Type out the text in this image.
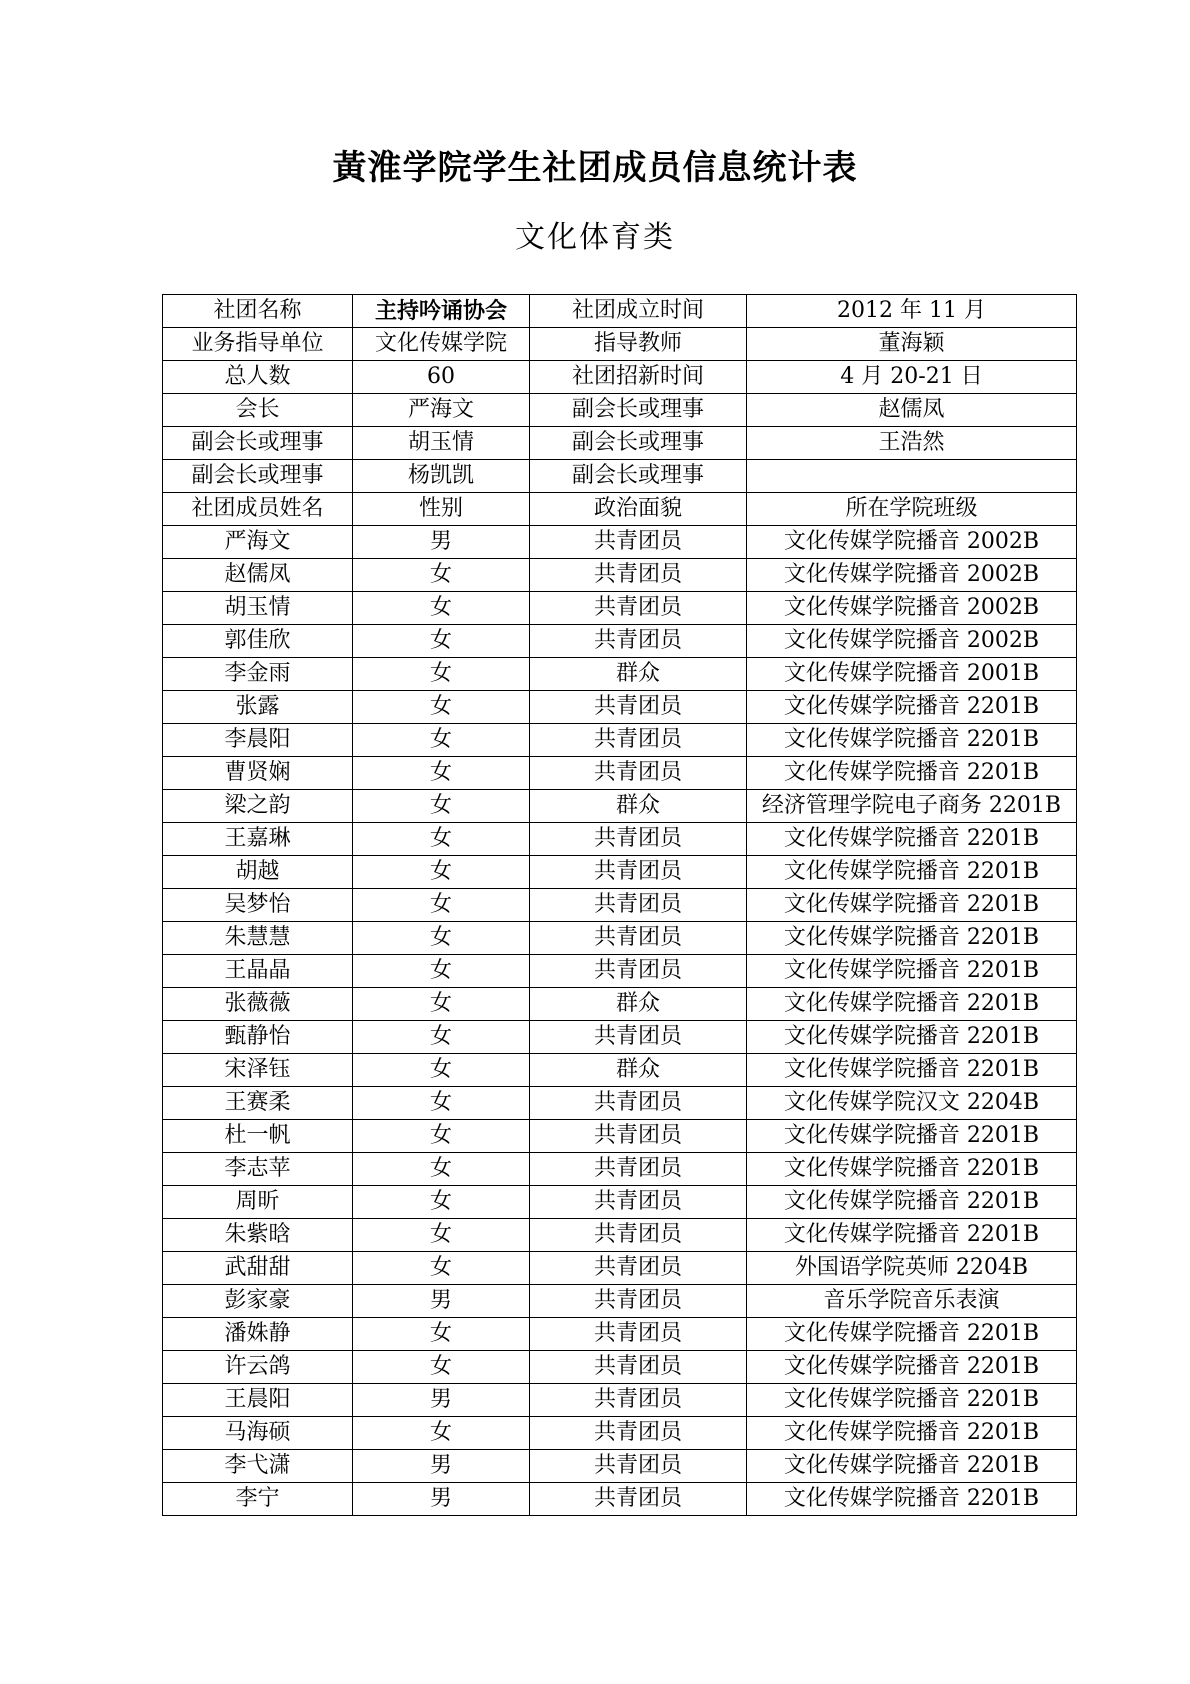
黃淮学院学生社团成员信息统计表
文化体育类
社团名称	主持吟诵协会	社团成立时间	2012 年 11 月
业务指导单位	文化传媒学院	指导教师	董海颖
总人数	60	社团招新时间	4 月 20-21 日
会长	严海文	副会长或理事	赵儒凤
副会长或理事	胡玉情	副会长或理事	王浩然
副会长或理事	杨凯凯	副会长或理事	
社团成员姓名	性别	政治面貌	所在学院班级
严海文	男	共青团员	文化传媒学院播音 2002B
赵儒凤	女	共青团员	文化传媒学院播音 2002B
胡玉情	女	共青团员	文化传媒学院播音 2002B
郭佳欣	女	共青团员	文化传媒学院播音 2002B
李金雨	女	群众	文化传媒学院播音 2001B
张露	女	共青团员	文化传媒学院播音 2201B
李晨阳	女	共青团员	文化传媒学院播音 2201B
曹贤娴	女	共青团员	文化传媒学院播音 2201B
梁之韵	女	群众	经济管理学院电子商务 2201B
王嘉琳	女	共青团员	文化传媒学院播音 2201B
胡越	女	共青团员	文化传媒学院播音 2201B
吴梦怡	女	共青团员	文化传媒学院播音 2201B
朱慧慧	女	共青团员	文化传媒学院播音 2201B
王晶晶	女	共青团员	文化传媒学院播音 2201B
张薇薇	女	群众	文化传媒学院播音 2201B
甄静怡	女	共青团员	文化传媒学院播音 2201B
宋泽钰	女	群众	文化传媒学院播音 2201B
王赛柔	女	共青团员	文化传媒学院汉文 2204B
杜一帆	女	共青团员	文化传媒学院播音 2201B
李志苹	女	共青团员	文化传媒学院播音 2201B
周昕	女	共青团员	文化传媒学院播音 2201B
朱紫晗	女	共青团员	文化传媒学院播音 2201B
武甜甜	女	共青团员	外国语学院英师 2204B
彭家豪	男	共青团员	音乐学院音乐表演
潘姝静	女	共青团员	文化传媒学院播音 2201B
许云鸽	女	共青团员	文化传媒学院播音 2201B
王晨阳	男	共青团员	文化传媒学院播音 2201B
马海硕	女	共青团员	文化传媒学院播音 2201B
李弋潇	男	共青团员	文化传媒学院播音 2201B
李宁	男	共青团员	文化传媒学院播音 2201B
